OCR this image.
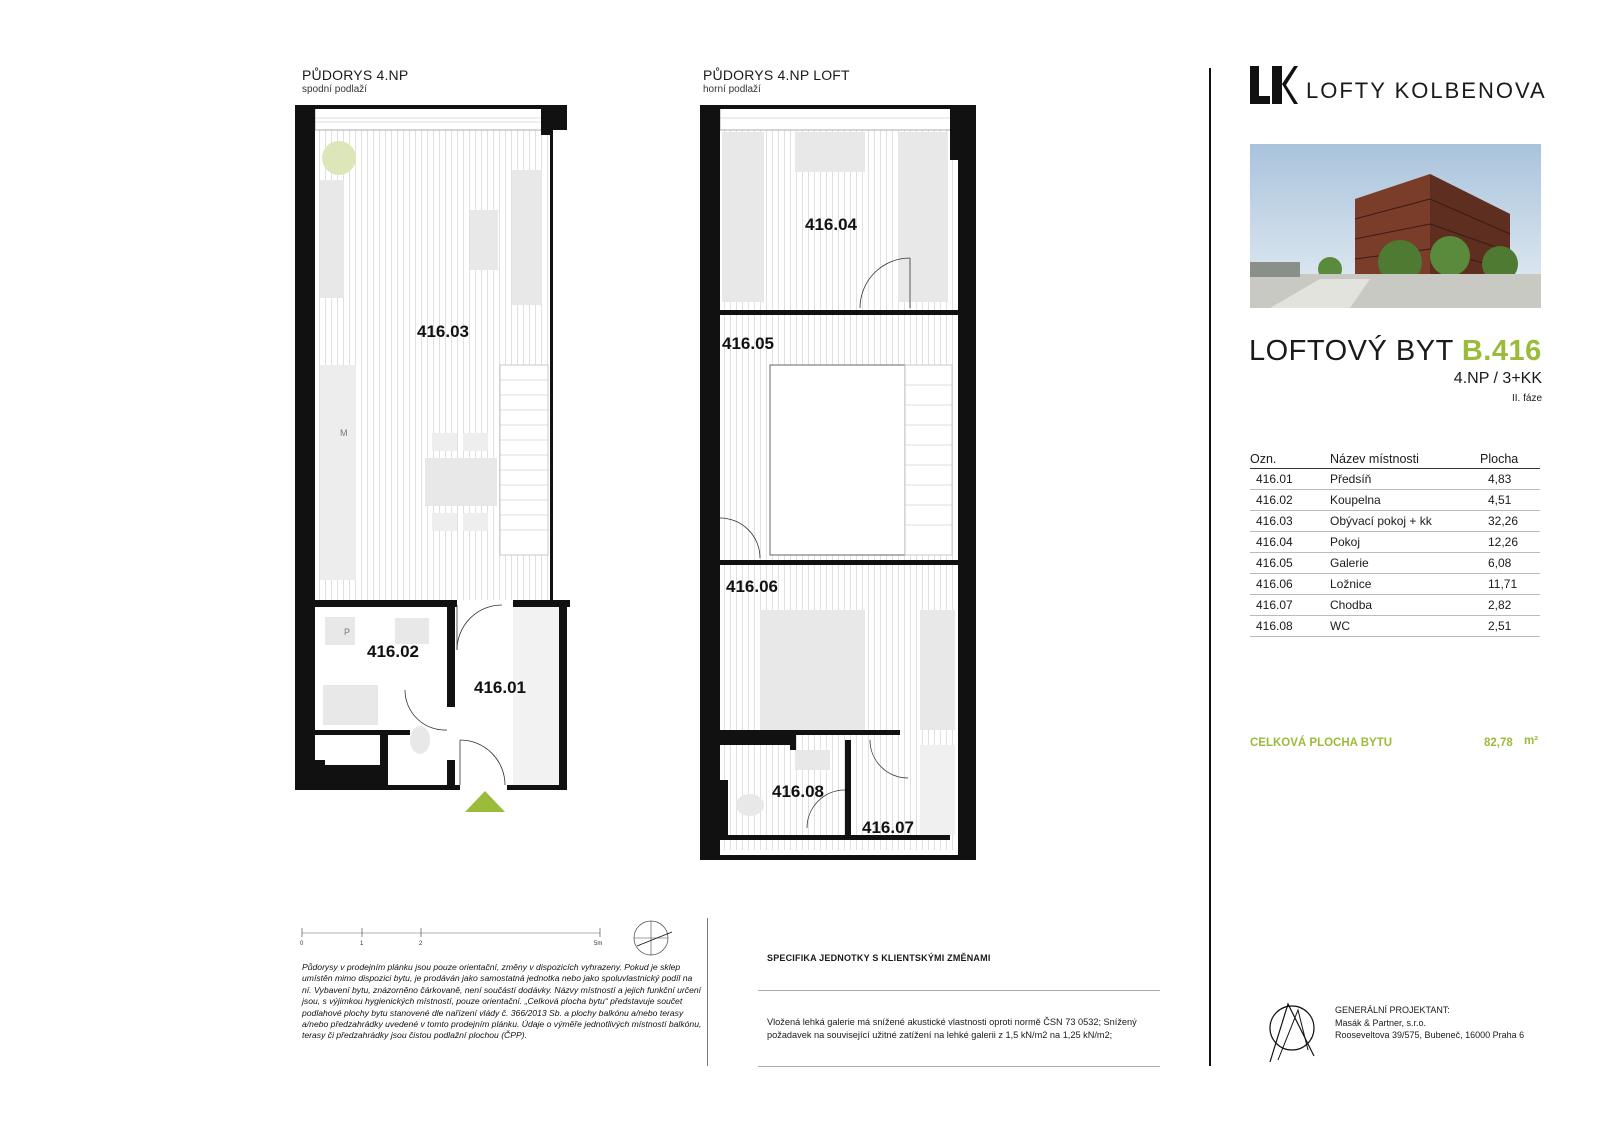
PŮDORYS 4.NP
spodní podlaží
416.03
416.02
416.01
M
P
PŮDORYS 4.NP LOFT
horní podlaží
416.04
416.05
416.06
416.08
416.07
LOFTY KOLBENOVA
LOFTOVÝ BYT B.416
4.NP / 3+KK
II. fáze
Ozn.	Název místnosti	Plocha
416.01	Předsíň	4,83
416.02	Koupelna	4,51
416.03	Obývací pokoj + kk	32,26
416.04	Pokoj	12,26
416.05	Galerie	6,08
416.06	Ložnice	11,71
416.07	Chodba	2,82
416.08	WC	2,51
CELKOVÁ PLOCHA BYTU	82,78 m²
GENERÁLNÍ PROJEKTANT:
Masák & Partner, s.r.o.
Rooseveltova 39/575, Bubeneč, 16000 Praha 6
0	1	2	5m
Půdorysy v prodejním plánku jsou pouze orientační, změny v dispozicích vyhrazeny. Pokud je sklep umístěn mimo dispozici bytu, je prodáván jako samostatná jednotka nebo jako spoluvlastnický podíl na ní. Vybavení bytu, znázorněno čárkovaně, není součástí dodávky. Názvy místností a jejich funkční určení jsou, s výjimkou hygienických místností, pouze orientační. „Celková plocha bytu“ představuje součet podlahové plochy bytu stanovené dle nařízení vlády č. 366/2013 Sb. a plochy balkónu a/nebo terasy a/nebo předzahrádky uvedené v tomto prodejním plánku. Údaje o výměře jednotlivých místností balkónu, terasy či předzahrádky jsou čistou podlažní plochou (ČPP).
SPECIFIKA JEDNOTKY S KLIENTSKÝMI ZMĚNAMI
Vložená lehká galerie má snížené akustické vlastnosti oproti normě ČSN 73 0532; Snížený požadavek na související užitné zatížení na lehké galerii z 1,5 kN/m2 na 1,25 kN/m2;
